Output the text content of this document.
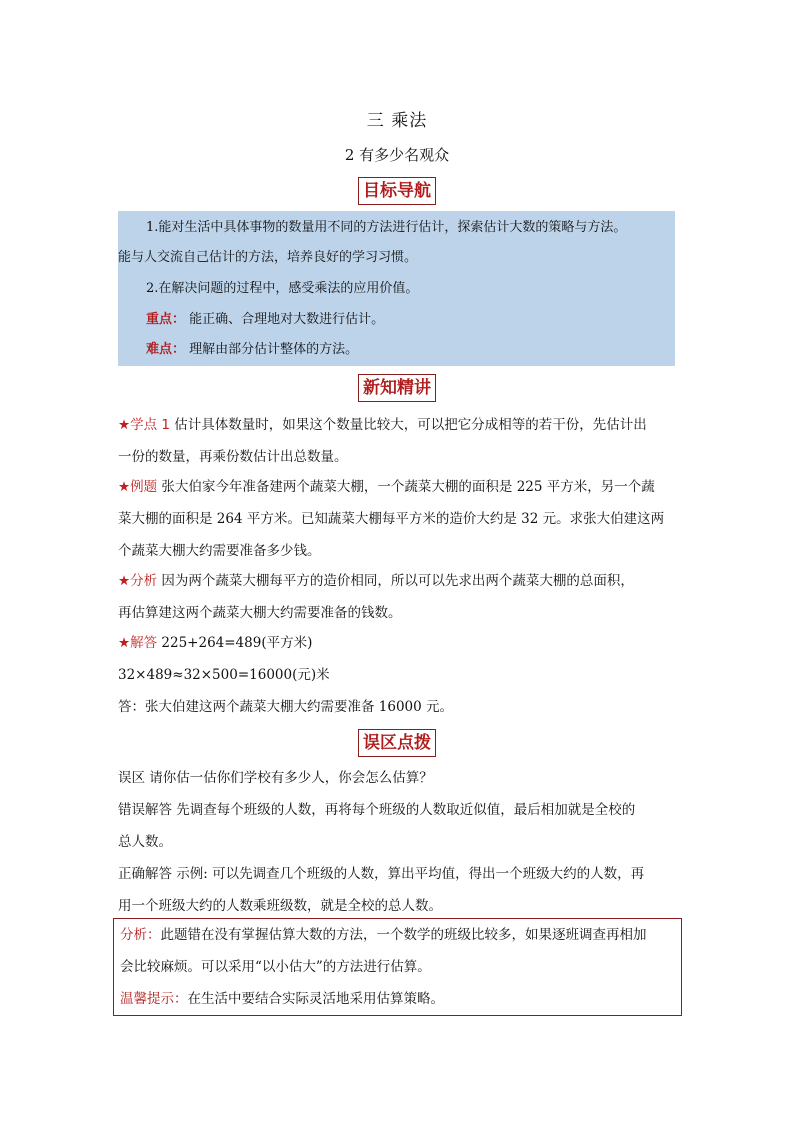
三 乘法
2 有多少名观众
目标导航
1.能对生活中具体事物的数量用不同的方法进行估计，探索估计大数的策略与方法。
能与人交流自己估计的方法，培养良好的学习习惯。
2.在解决问题的过程中，感受乘法的应用价值。
重点： 能正确、合理地对大数进行估计。
难点： 理解由部分估计整体的方法。
新知精讲
★学点 1 估计具体数量时，如果这个数量比较大，可以把它分成相等的若干份，先估计出
一份的数量，再乘份数估计出总数量。
★例题 张大伯家今年准备建两个蔬菜大棚，一个蔬菜大棚的面积是 225 平方米，另一个蔬
菜大棚的面积是 264 平方米。已知蔬菜大棚每平方米的造价大约是 32 元。求张大伯建这两
个蔬菜大棚大约需要准备多少钱。
★分析 因为两个蔬菜大棚每平方的造价相同，所以可以先求出两个蔬菜大棚的总面积，
再估算建这两个蔬菜大棚大约需要准备的钱数。
★解答 225+264=489(平方米)
32×489≈32×500=16000(元)米
答：张大伯建这两个蔬菜大棚大约需要准备 16000 元。
误区点拨
误区 请你估一估你们学校有多少人，你会怎么估算？
错误解答 先调查每个班级的人数，再将每个班级的人数取近似值，最后相加就是全校的
总人数。
正确解答 示例: 可以先调查几个班级的人数，算出平均值，得出一个班级大约的人数，再
用一个班级大约的人数乘班级数，就是全校的总人数。
分析：此题错在没有掌握估算大数的方法，一个数学的班级比较多，如果逐班调查再相加
会比较麻烦。可以采用“以小估大”的方法进行估算。
温馨提示：在生活中要结合实际灵活地采用估算策略。
